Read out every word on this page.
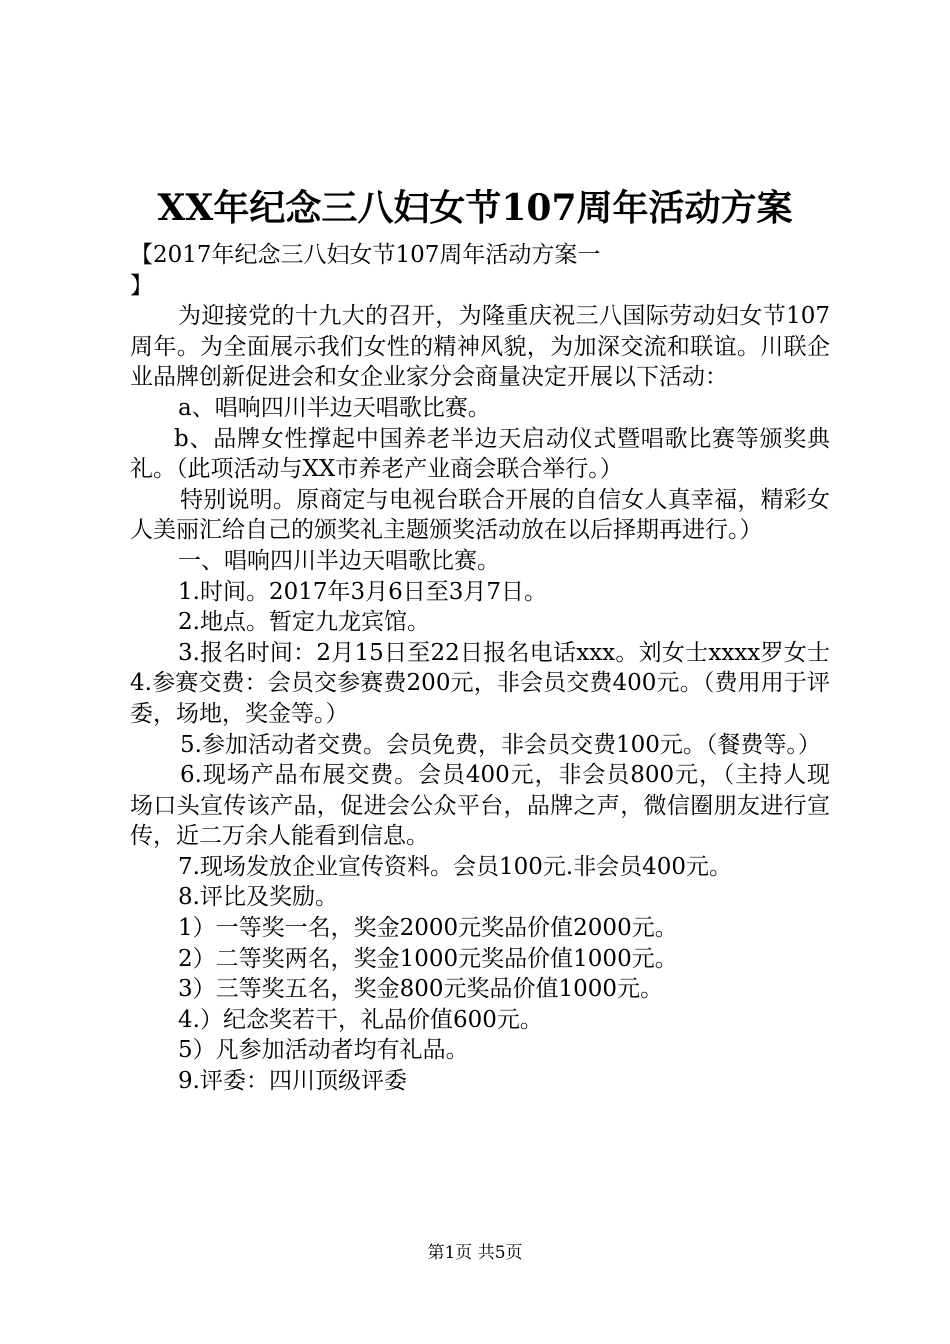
XX年纪念三八妇女节107周年活动方案

【2017年纪念三八妇女节107周年活动方案一

】

为迎接党的十九大的召开，为隆重庆祝三八国际劳动妇女节107周年。为全面展示我们女性的精神风貌，为加深交流和联谊。川联企业品牌创新促进会和女企业家分会商量决定开展以下活动：

a、唱响四川半边天唱歌比赛。

b、品牌女性撑起中国养老半边天启动仪式暨唱歌比赛等颁奖典礼。（此项活动与XX市养老产业商会联合举行。）

特别说明。原商定与电视台联合开展的自信女人真幸福，精彩女人美丽汇给自己的颁奖礼主题颁奖活动放在以后择期再进行。）

一、唱响四川半边天唱歌比赛。

1.时间。2017年3月6日至3月7日。

2.地点。暂定九龙宾馆。

3.报名时间：2月15日至22日报名电话xxx。刘女士xxxx罗女士4.参赛交费：会员交参赛费200元，非会员交费400元。（费用用于评委，场地，奖金等。）

5.参加活动者交费。会员免费，非会员交费100元。（餐费等。）

6.现场产品布展交费。会员400元，非会员800元，（主持人现场口头宣传该产品，促进会公众平台，品牌之声，微信圈朋友进行宣传，近二万余人能看到信息。

7.现场发放企业宣传资料。会员100元.非会员400元。

8.评比及奖励。

1）一等奖一名，奖金2000元奖品价值2000元。

2）二等奖两名，奖金1000元奖品价值1000元。

3）三等奖五名，奖金800元奖品价值1000元。

4.）纪念奖若干，礼品价值600元。

5）凡参加活动者均有礼品。

9.评委：四川顶级评委

第1页 共5页
